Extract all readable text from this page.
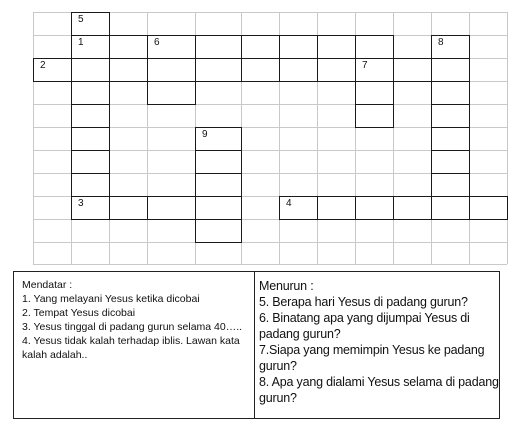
5
1	6	8
2	7
9
3	4
Mendatar :
1. Yang melayani Yesus ketika dicobai
2. Tempat Yesus dicobai
3. Yesus tinggal di padang gurun selama 40…..
4. Yesus tidak kalah terhadap iblis. Lawan kata kalah adalah..
Menurun :
5. Berapa hari Yesus di padang gurun?
6. Binatang apa yang dijumpai Yesus di padang gurun?
7.Siapa yang memimpin Yesus ke padang gurun?
8. Apa yang dialami Yesus selama di padang gurun?
